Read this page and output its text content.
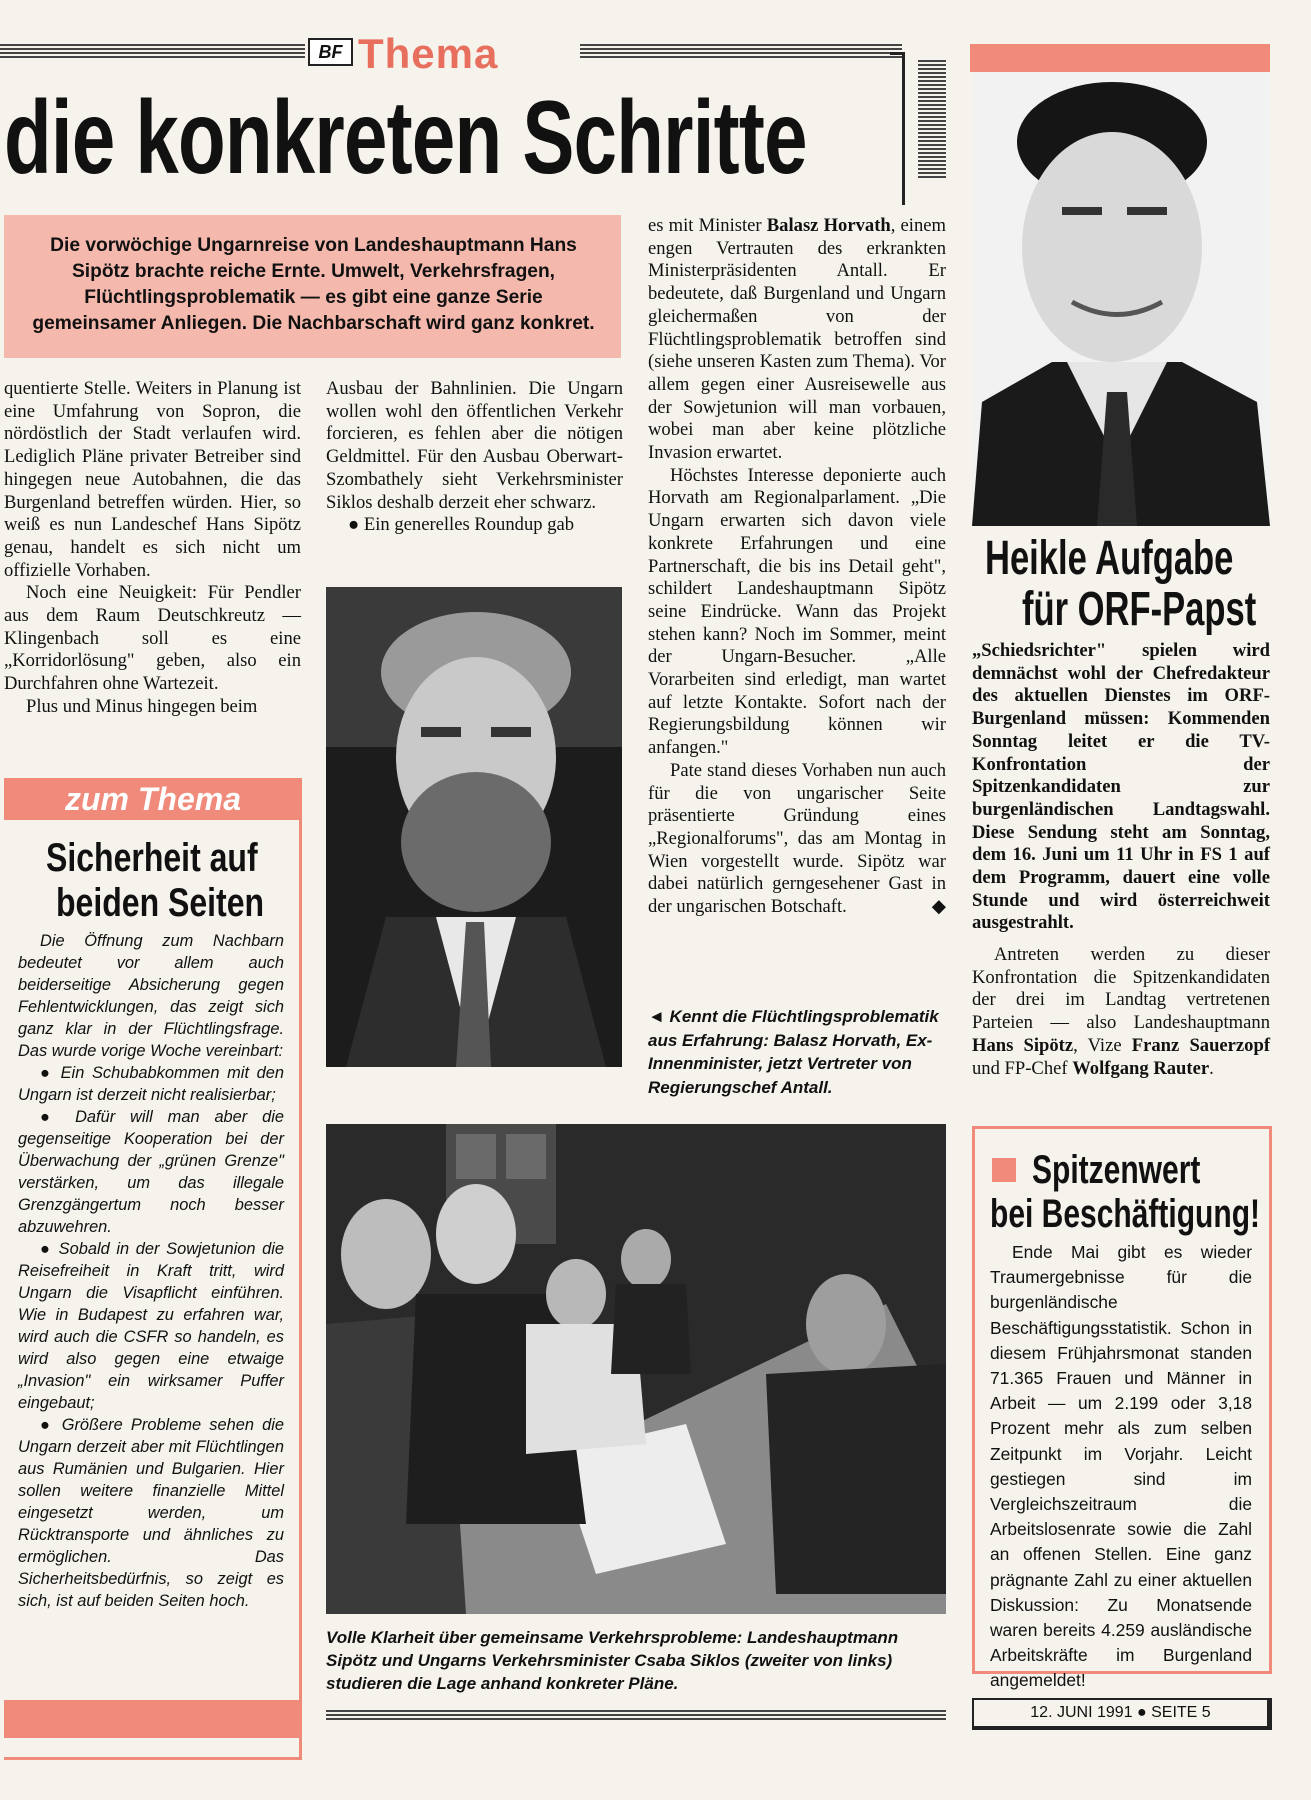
BF Thema
die konkreten Schritte

Die vorwöchige Ungarnreise von Landeshauptmann Hans Sipötz brachte reiche Ernte. Umwelt, Verkehrsfragen, Flüchtlingsproblematik — es gibt eine ganze Serie gemeinsamer Anliegen. Die Nachbarschaft wird ganz konkret.

quentierte Stelle. Weiters in Planung ist eine Umfahrung von Sopron, die nördöstlich der Stadt verlaufen wird. Lediglich Pläne privater Betreiber sind hingegen neue Autobahnen, die das Burgenland betreffen würden. Hier, so weiß es nun Landeschef Hans Sipötz genau, handelt es sich nicht um offizielle Vorhaben.

Noch eine Neuigkeit: Für Pendler aus dem Raum Deutschkreutz — Klingenbach soll es eine „Korridorlösung" geben, also ein Durchfahren ohne Wartezeit.

Plus und Minus hingegen beim

Ausbau der Bahnlinien. Die Ungarn wollen wohl den öffentlichen Verkehr forcieren, es fehlen aber die nötigen Geldmittel. Für den Ausbau Oberwart-Szombathely sieht Verkehrsminister Siklos deshalb derzeit eher schwarz.

● Ein generelles Roundup gab

es mit Minister Balasz Horvath, einem engen Vertrauten des erkrankten Ministerpräsidenten Antall. Er bedeutete, daß Burgenland und Ungarn gleichermaßen von der Flüchtlingsproblematik betroffen sind (siehe unseren Kasten zum Thema). Vor allem gegen einer Ausreisewelle aus der Sowjetunion will man vorbauen, wobei man aber keine plötzliche Invasion erwartet.

Höchstes Interesse deponierte auch Horvath am Regionalparlament. „Die Ungarn erwarten sich davon viele konkrete Erfahrungen und eine Partnerschaft, die bis ins Detail geht", schildert Landeshauptmann Sipötz seine Eindrücke. Wann das Projekt stehen kann? Noch im Sommer, meint der Ungarn-Besucher. „Alle Vorarbeiten sind erledigt, man wartet auf letzte Kontakte. Sofort nach der Regierungsbildung können wir anfangen."

Pate stand dieses Vorhaben nun auch für die von ungarischer Seite präsentierte Gründung eines „Regionalforums", das am Montag in Wien vorgestellt wurde. Sipötz war dabei natürlich gerngesehener Gast in der ungarischen Botschaft.	◆

◄ Kennt die Flüchtlingsproblematik aus Erfahrung: Balasz Horvath, Ex-Innenminister, jetzt Vertreter von Regierungschef Antall.
Volle Klarheit über gemeinsame Verkehrsprobleme: Landeshauptmann Sipötz und Ungarns Verkehrsminister Csaba Siklos (zweiter von links) studieren die Lage anhand konkreter Pläne.
zum Thema
Sicherheit auf
beiden Seiten

Die Öffnung zum Nachbarn bedeutet vor allem auch beiderseitige Absicherung gegen Fehlentwicklungen, das zeigt sich ganz klar in der Flüchtlingsfrage. Das wurde vorige Woche vereinbart:

● Ein Schubabkommen mit den Ungarn ist derzeit nicht realisierbar;

● Dafür will man aber die gegenseitige Kooperation bei der Überwachung der „grünen Grenze" verstärken, um das illegale Grenzgängertum noch besser abzuwehren.

● Sobald in der Sowjetunion die Reisefreiheit in Kraft tritt, wird Ungarn die Visapflicht einführen. Wie in Budapest zu erfahren war, wird auch die CSFR so handeln, es wird also gegen eine etwaige „Invasion" ein wirksamer Puffer eingebaut;

● Größere Probleme sehen die Ungarn derzeit aber mit Flüchtlingen aus Rumänien und Bulgarien. Hier sollen weitere finanzielle Mittel eingesetzt werden, um Rücktransporte und ähnliches zu ermöglichen. Das Sicherheitsbedürfnis, so zeigt es sich, ist auf beiden Seiten hoch.

Heikle Aufgabe
für ORF-Papst
„Schiedsrichter" spielen wird demnächst wohl der Chefredakteur des aktuellen Dienstes im ORF-Burgenland müssen: Kommenden Sonntag leitet er die TV-Konfrontation der Spitzenkandidaten zur burgenländischen Landtagswahl. Diese Sendung steht am Sonntag, dem 16. Juni um 11 Uhr in FS 1 auf dem Programm, dauert eine volle Stunde und wird österreichweit ausgestrahlt.

Antreten werden zu dieser Konfrontation die Spitzenkandidaten der drei im Landtag vertretenen Parteien — also Landeshauptmann Hans Sipötz, Vize Franz Sauerzopf und FP-Chef Wolfgang Rauter.

Spitzenwert
bei Beschäftigung!
Ende Mai gibt es wieder Traumergebnisse für die burgenländische Beschäftigungsstatistik. Schon in diesem Frühjahrsmonat standen 71.365 Frauen und Männer in Arbeit — um 2.199 oder 3,18 Prozent mehr als zum selben Zeitpunkt im Vorjahr. Leicht gestiegen sind im Vergleichszeitraum die Arbeitslosenrate sowie die Zahl an offenen Stellen. Eine ganz prägnante Zahl zu einer aktuellen Diskussion: Zu Monatsende waren bereits 4.259 ausländische Arbeitskräfte im Burgenland angemeldet!
12. JUNI 1991 ● SEITE 5
